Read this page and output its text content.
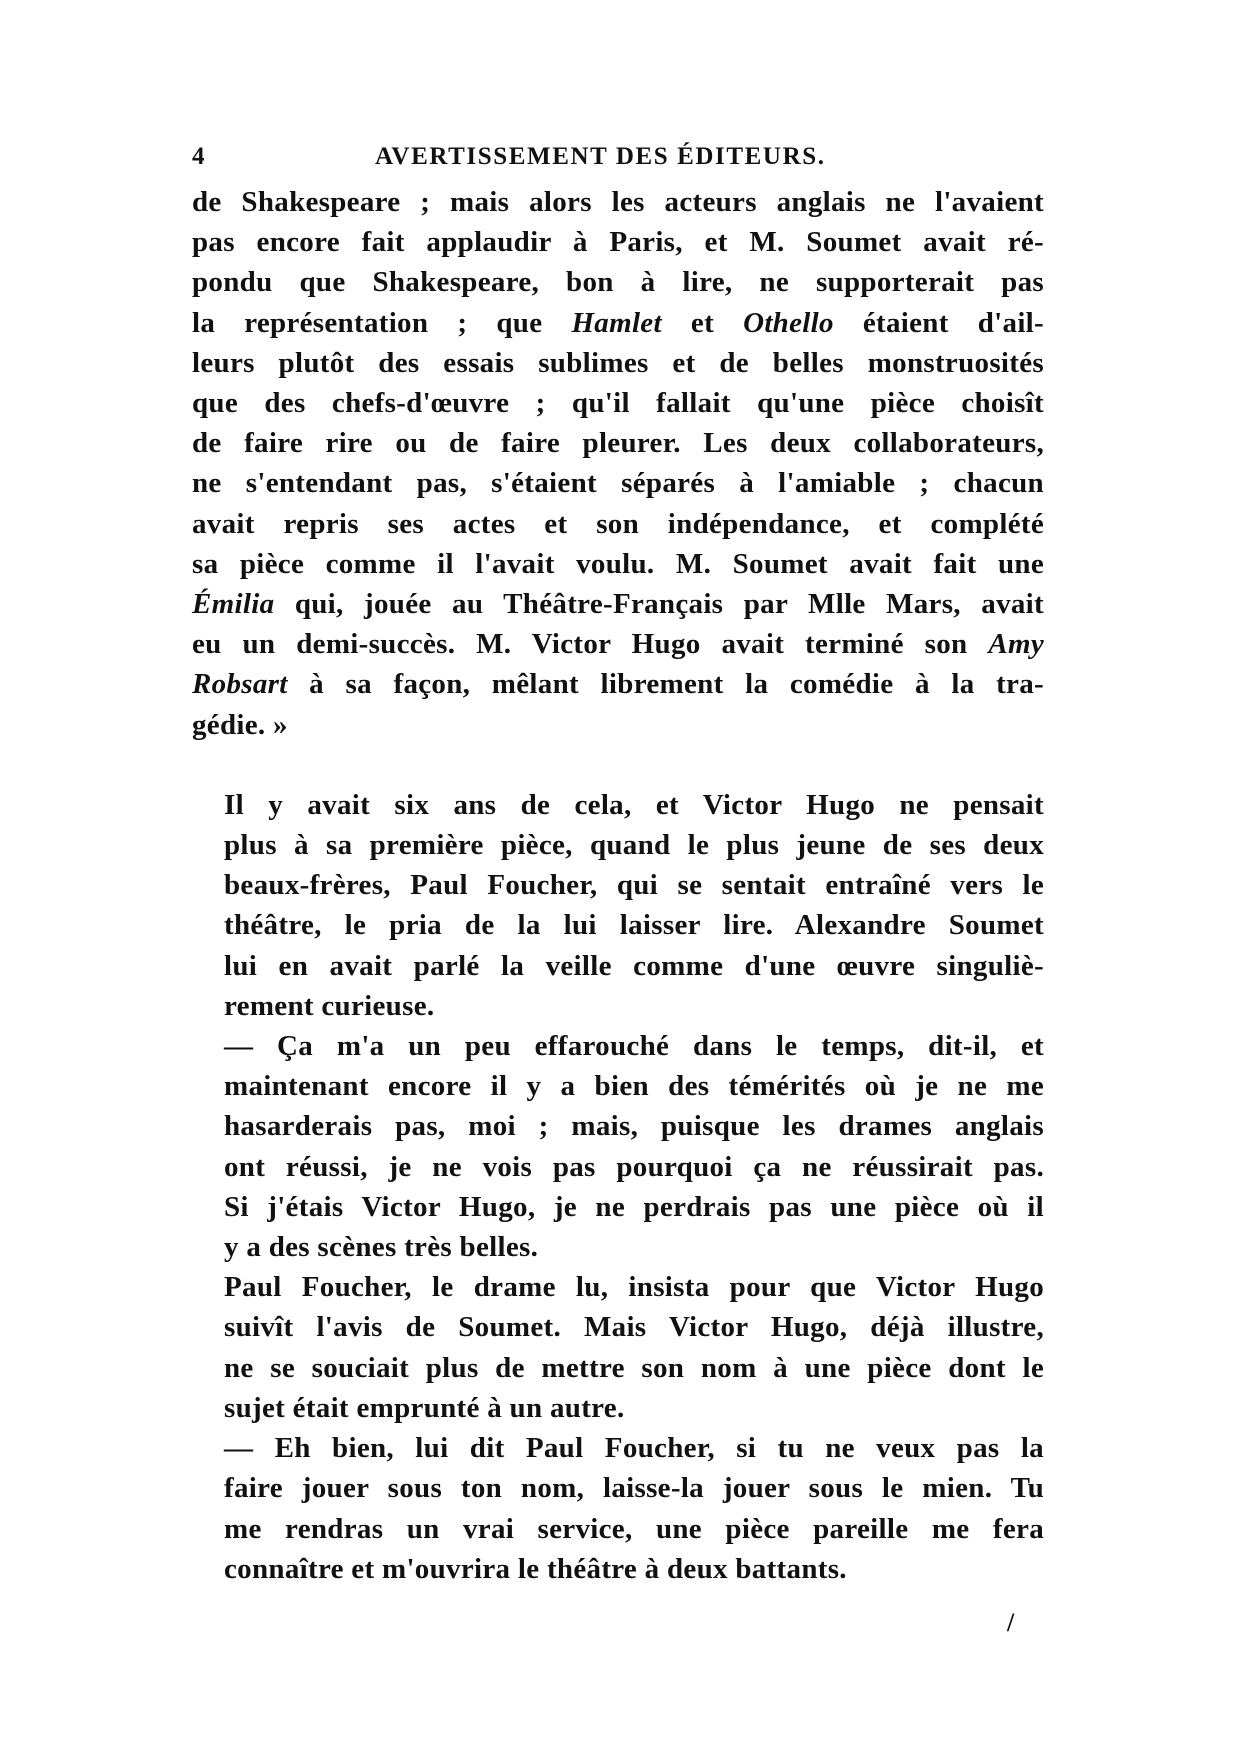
4	AVERTISSEMENT DES ÉDITEURS.
de Shakespeare ; mais alors les acteurs anglais ne l'avaient
pas encore fait applaudir à Paris, et M. Soumet avait ré-
pondu que Shakespeare, bon à lire, ne supporterait pas
la représentation ; que Hamlet et Othello étaient d'ail-
leurs plutôt des essais sublimes et de belles monstruosités
que des chefs-d'œuvre ; qu'il fallait qu'une pièce choisît
de faire rire ou de faire pleurer. Les deux collaborateurs,
ne s'entendant pas, s'étaient séparés à l'amiable ; chacun
avait repris ses actes et son indépendance, et complété
sa pièce comme il l'avait voulu. M. Soumet avait fait une
Émilia qui, jouée au Théâtre-Français par Mlle Mars, avait
eu un demi-succès. M. Victor Hugo avait terminé son Amy
Robsart à sa façon, mêlant librement la comédie à la tra-
gédie. »
Il y avait six ans de cela, et Victor Hugo ne pensait
plus à sa première pièce, quand le plus jeune de ses deux
beaux-frères, Paul Foucher, qui se sentait entraîné vers le
théâtre, le pria de la lui laisser lire. Alexandre Soumet
lui en avait parlé la veille comme d'une œuvre singuliè-
rement curieuse.
— Ça m'a un peu effarouché dans le temps, dit-il, et
maintenant encore il y a bien des témérités où je ne me
hasarderais pas, moi ; mais, puisque les drames anglais
ont réussi, je ne vois pas pourquoi ça ne réussirait pas.
Si j'étais Victor Hugo, je ne perdrais pas une pièce où il
y a des scènes très belles.
Paul Foucher, le drame lu, insista pour que Victor Hugo
suivît l'avis de Soumet. Mais Victor Hugo, déjà illustre,
ne se souciait plus de mettre son nom à une pièce dont le
sujet était emprunté à un autre.
— Eh bien, lui dit Paul Foucher, si tu ne veux pas la
faire jouer sous ton nom, laisse-la jouer sous le mien. Tu
me rendras un vrai service, une pièce pareille me fera
connaître et m'ouvrira le théâtre à deux battants.
/
